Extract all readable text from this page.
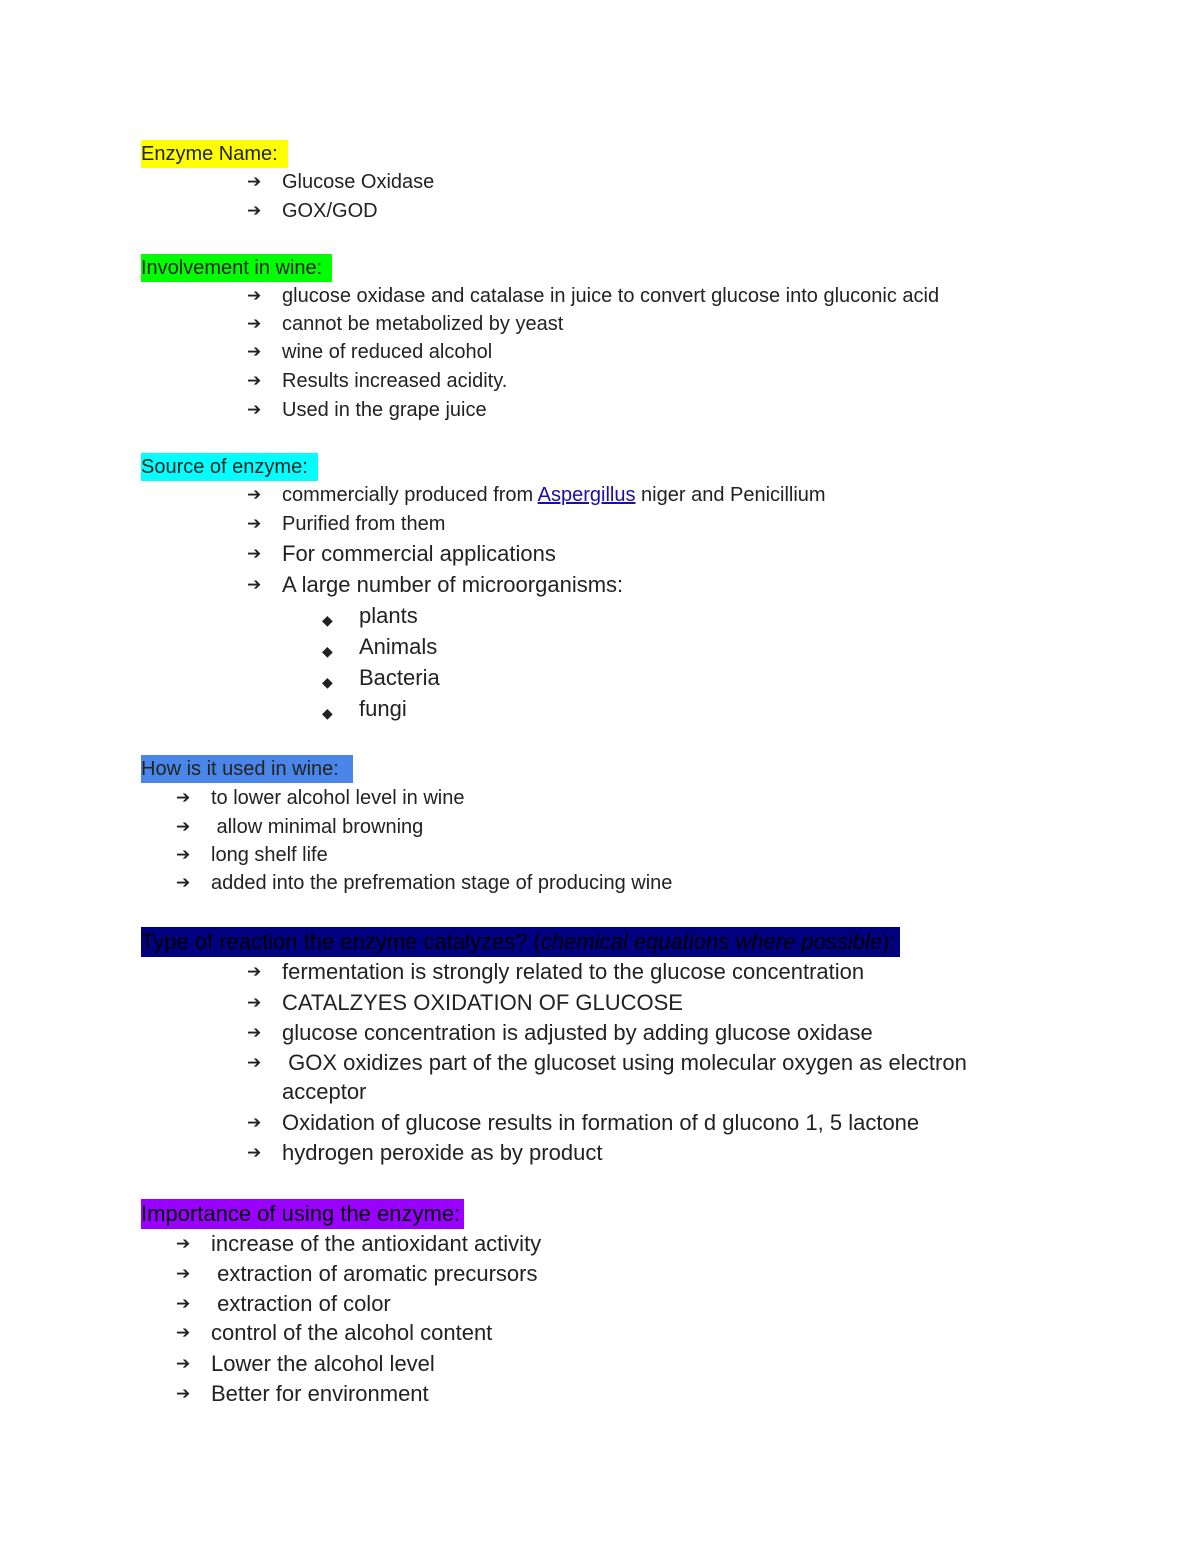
Enzyme Name:
➔ Glucose Oxidase
➔ GOX/GOD
Involvement in wine:
➔ glucose oxidase and catalase in juice to convert glucose into gluconic acid
➔ cannot be metabolized by yeast
➔ wine of reduced alcohol
➔ Results increased acidity.
➔ Used in the grape juice
Source of enzyme:
➔ commercially produced from Aspergillus niger and Penicillium
➔ Purified from them
➔ For commercial applications
➔ A large number of microorganisms:
◆ plants
◆ Animals
◆ Bacteria
◆ fungi
How is it used in wine:
➔ to lower alcohol level in wine
➔ allow minimal browning
➔ long shelf life
➔ added into the prefremation stage of producing wine
Type of reaction the enzyme catalyzes? (chemical equations where possible):
➔ fermentation is strongly related to the glucose concentration
➔ CATALZYES OXIDATION OF GLUCOSE
➔ glucose concentration is adjusted by adding glucose oxidase
➔ GOX oxidizes part of the glucoset using molecular oxygen as electron
acceptor
➔ Oxidation of glucose results in formation of d glucono 1, 5 lactone
➔ hydrogen peroxide as by product
Importance of using the enzyme:
➔ increase of the antioxidant activity
➔ extraction of aromatic precursors
➔ extraction of color
➔ control of the alcohol content
➔ Lower the alcohol level
➔ Better for environment
